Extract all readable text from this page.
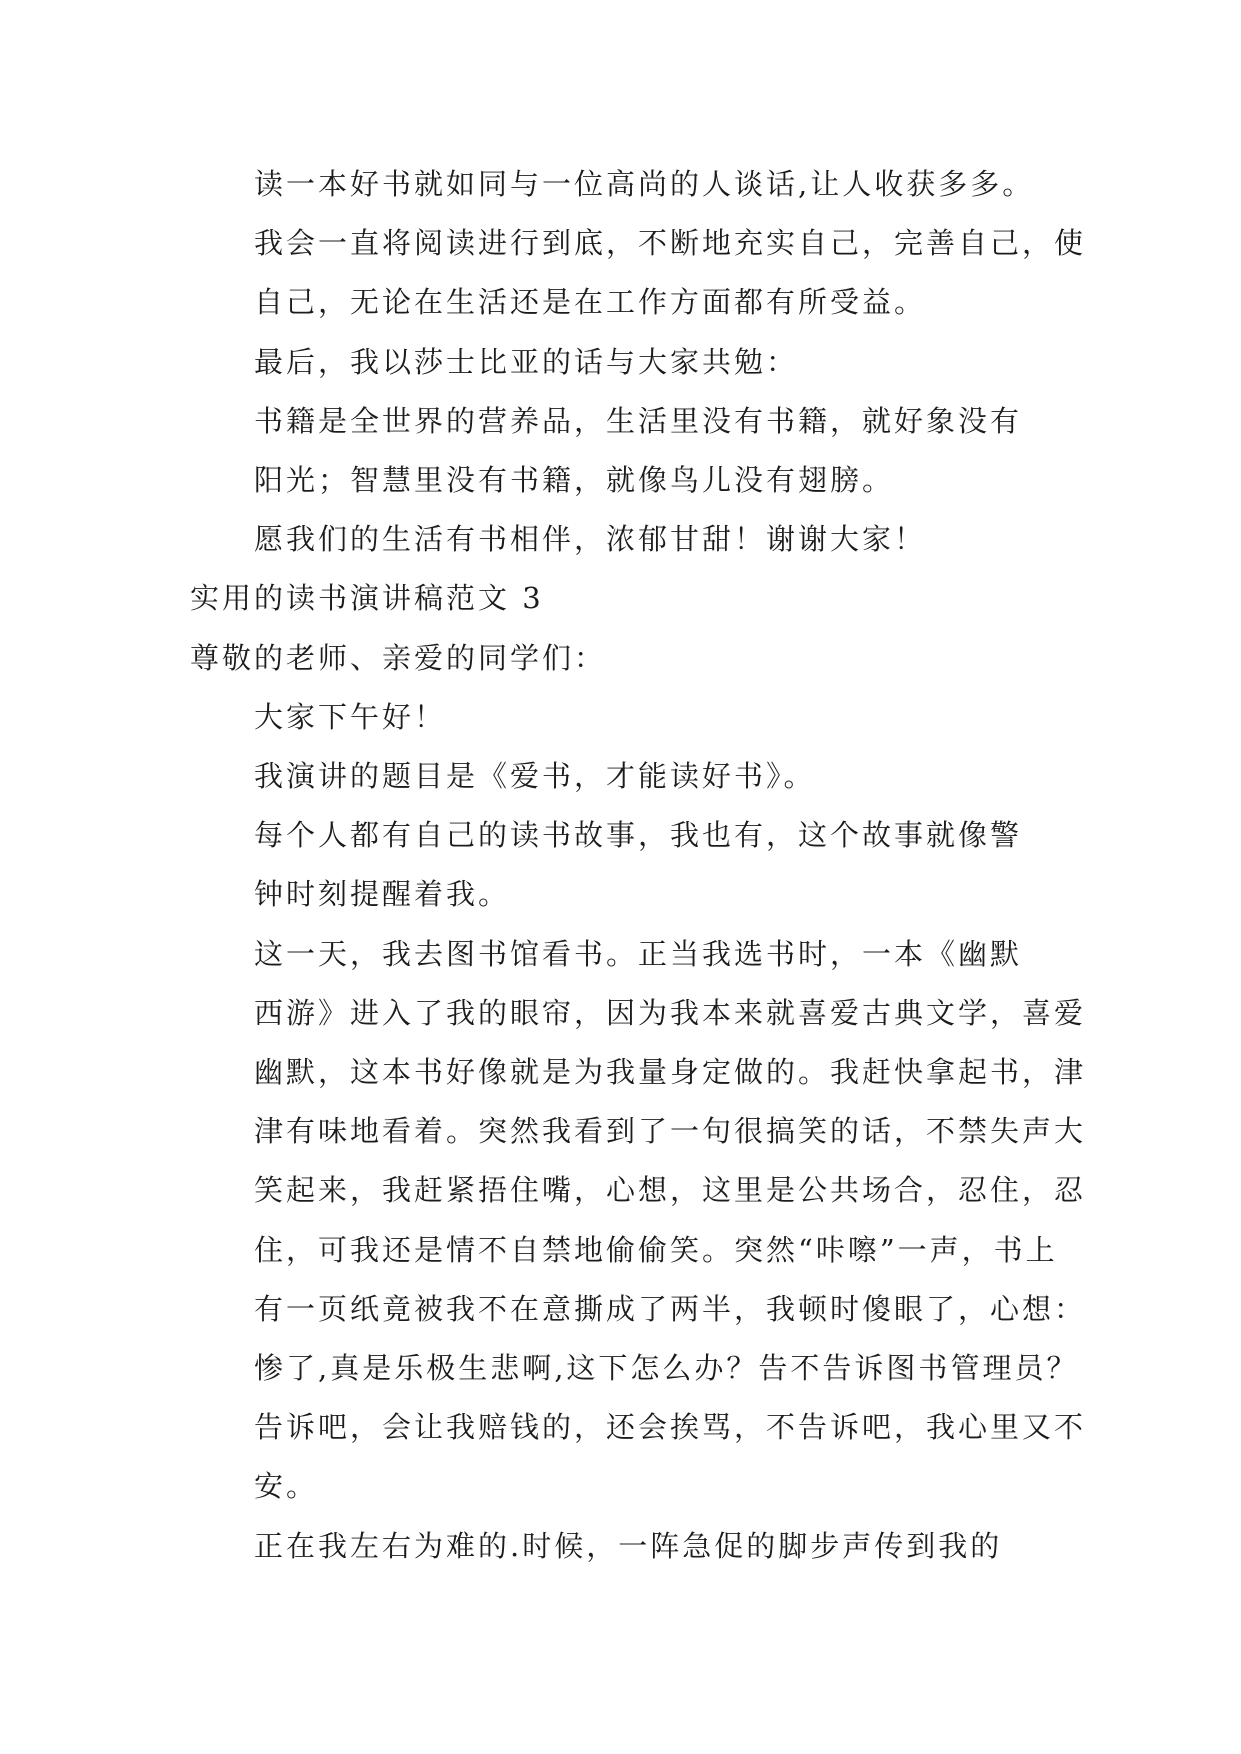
读一本好书就如同与一位高尚的人谈话,让人收获多多。
我会一直将阅读进行到底，不断地充实自己，完善自己，使
自己，无论在生活还是在工作方面都有所受益。

最后，我以莎士比亚的话与大家共勉：

书籍是全世界的营养品，生活里没有书籍，就好象没有
阳光；智慧里没有书籍，就像鸟儿没有翅膀。

愿我们的生活有书相伴，浓郁甘甜！谢谢大家！

实用的读书演讲稿范文 3

尊敬的老师、亲爱的同学们：

大家下午好！

我演讲的题目是《爱书，才能读好书》。

每个人都有自己的读书故事，我也有，这个故事就像警
钟时刻提醒着我。

这一天，我去图书馆看书。正当我选书时，一本《幽默
西游》进入了我的眼帘，因为我本来就喜爱古典文学，喜爱
幽默，这本书好像就是为我量身定做的。我赶快拿起书，津
津有味地看着。突然我看到了一句很搞笑的话，不禁失声大
笑起来，我赶紧捂住嘴，心想，这里是公共场合，忍住，忍
住，可我还是情不自禁地偷偷笑。突然“咔嚓”一声，书上
有一页纸竟被我不在意撕成了两半，我顿时傻眼了，心想：
惨了,真是乐极生悲啊,这下怎么办？告不告诉图书管理员？
告诉吧，会让我赔钱的，还会挨骂，不告诉吧，我心里又不
安。

正在我左右为难的.时候，一阵急促的脚步声传到我的
